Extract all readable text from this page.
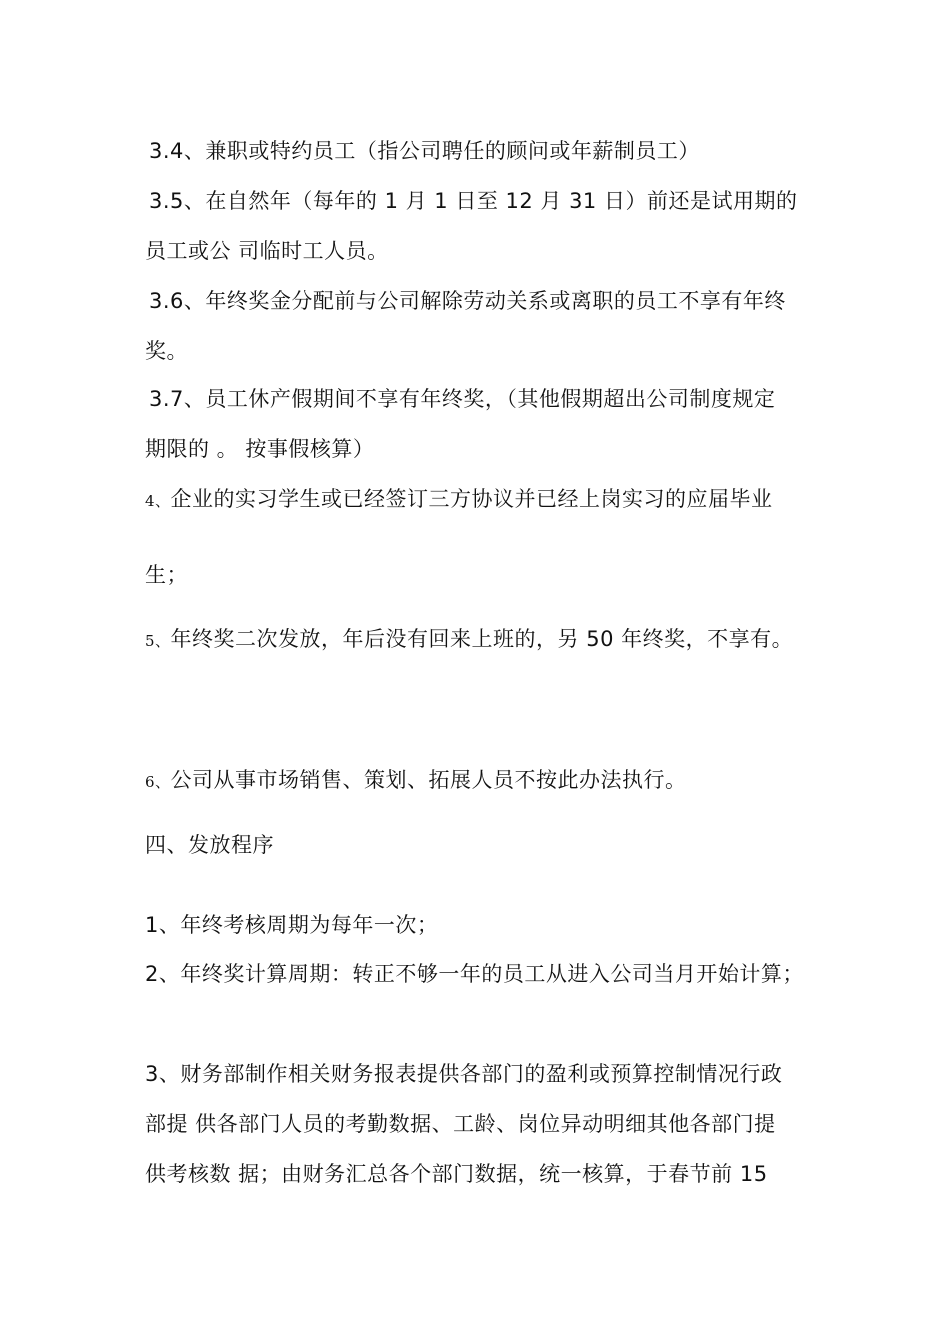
3.4、兼职或特约员工（指公司聘任的顾问或年薪制员工）
3.5、在自然年（每年的 1 月 1 日至 12 月 31 日）前还是试用期的
员工或公 司临时工人员。
3.6、年终奖金分配前与公司解除劳动关系或离职的员工不享有年终
奖。
3.7、员工休产假期间不享有年终奖，（其他假期超出公司制度规定
期限的 。 按事假核算）
4、企业的实习学生或已经签订三方协议并已经上岗实习的应届毕业
生；
5、年终奖二次发放，年后没有回来上班的，另 50 年终奖，不享有。
6、公司从事市场销售、策划、拓展人员不按此办法执行。
四、发放程序
1、年终考核周期为每年一次；
2、年终奖计算周期：转正不够一年的员工从进入公司当月开始计算；
3、财务部制作相关财务报表提供各部门的盈利或预算控制情况行政
部提 供各部门人员的考勤数据、工龄、岗位异动明细其他各部门提
供考核数 据；由财务汇总各个部门数据，统一核算，于春节前 15
